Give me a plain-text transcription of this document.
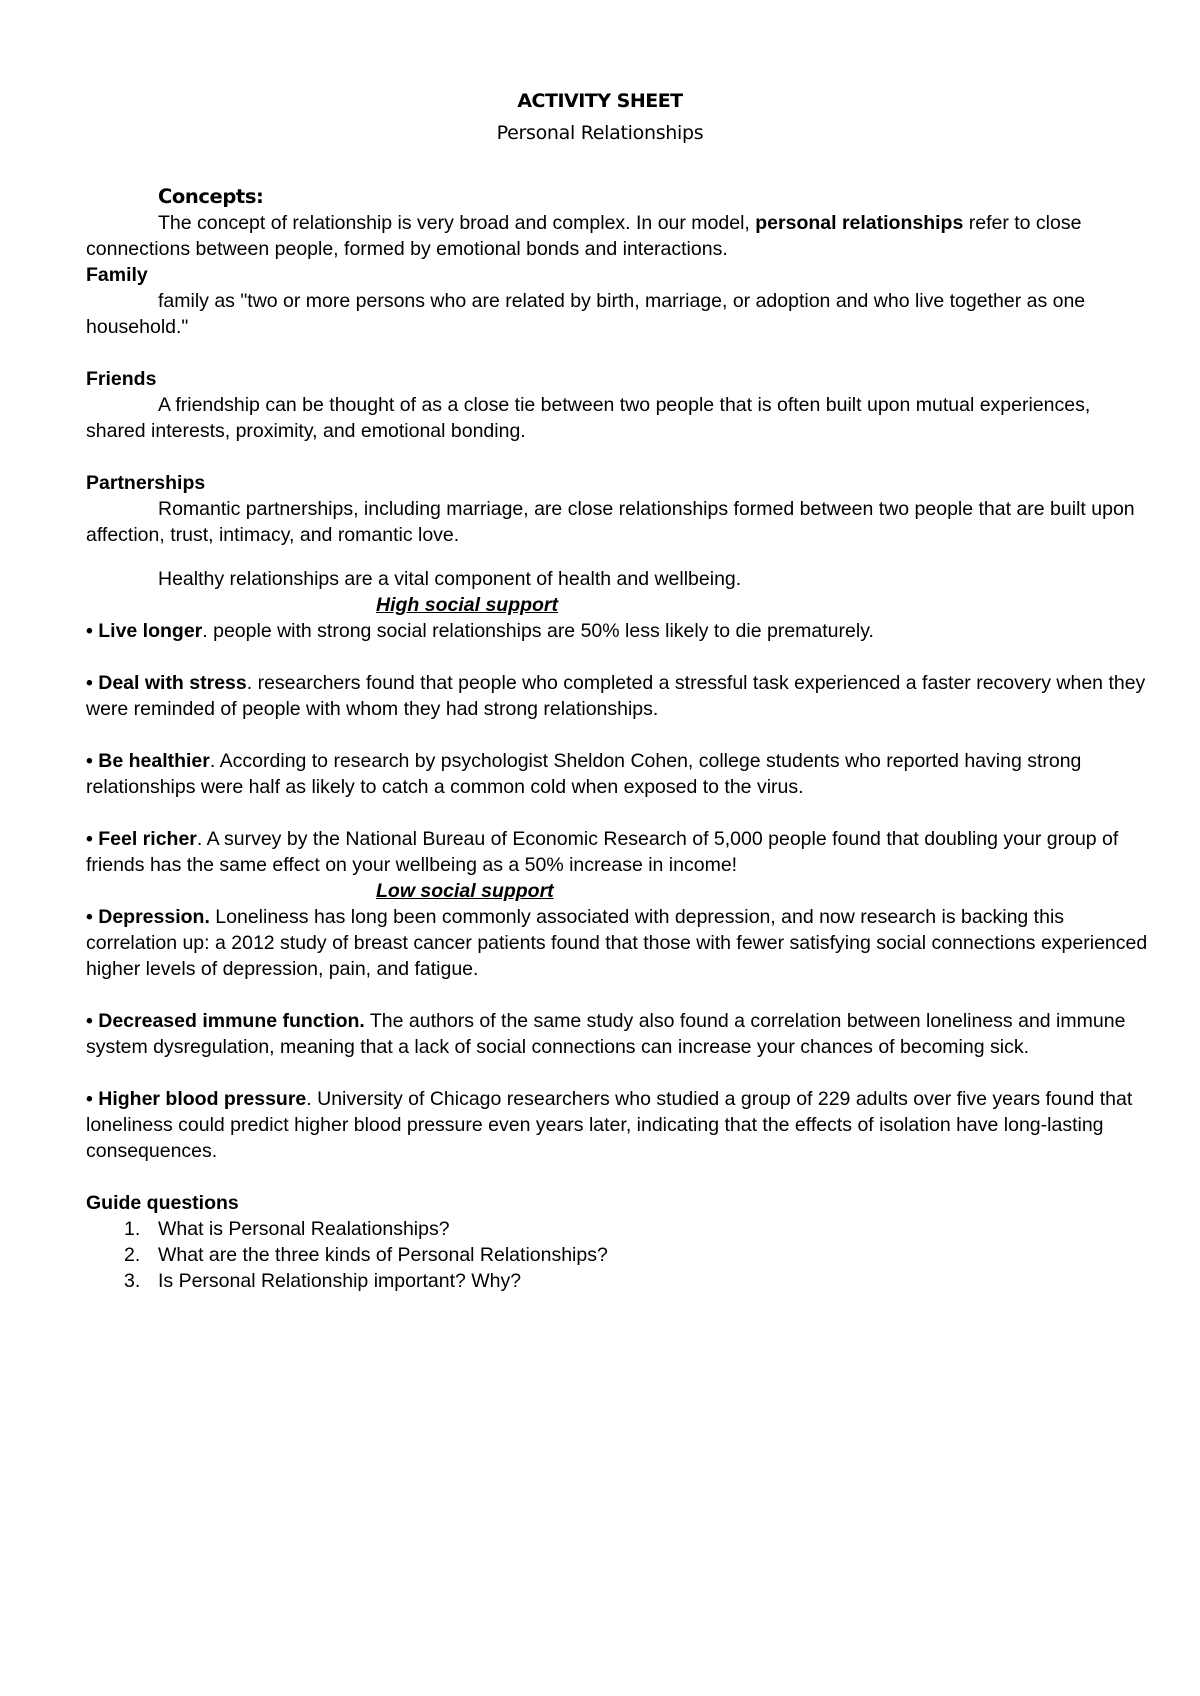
ACTIVITY SHEET
Personal Relationships
Concepts:

The concept of relationship is very broad and complex. In our model, personal relationships refer to close connections between people, formed by emotional bonds and interactions.

Family

family as "two or more persons who are related by birth, marriage, or adoption and who live together as one household."

Friends

A friendship can be thought of as a close tie between two people that is often built upon mutual experiences, shared interests, proximity, and emotional bonding.

Partnerships

Romantic partnerships, including marriage, are close relationships formed between two people that are built upon affection, trust, intimacy, and romantic love.

Healthy relationships are a vital component of health and wellbeing.

High social support

• Live longer. people with strong social relationships are 50% less likely to die prematurely.

• Deal with stress. researchers found that people who completed a stressful task experienced a faster recovery when they were reminded of people with whom they had strong relationships.

• Be healthier. According to research by psychologist Sheldon Cohen, college students who reported having strong relationships were half as likely to catch a common cold when exposed to the virus.

• Feel richer. A survey by the National Bureau of Economic Research of 5,000 people found that doubling your group of friends has the same effect on your wellbeing as a 50% increase in income!

Low social support

• Depression. Loneliness has long been commonly associated with depression, and now research is backing this correlation up: a 2012 study of breast cancer patients found that those with fewer satisfying social connections experienced higher levels of depression, pain, and fatigue.

• Decreased immune function. The authors of the same study also found a correlation between loneliness and immune system dysregulation, meaning that a lack of social connections can increase your chances of becoming sick.

• Higher blood pressure. University of Chicago researchers who studied a group of 229 adults over five years found that loneliness could predict higher blood pressure even years later, indicating that the effects of isolation have long-lasting consequences.

Guide questions

1. What is Personal Realationships?
2. What are the three kinds of Personal Relationships?
3. Is Personal Relationship important? Why?
